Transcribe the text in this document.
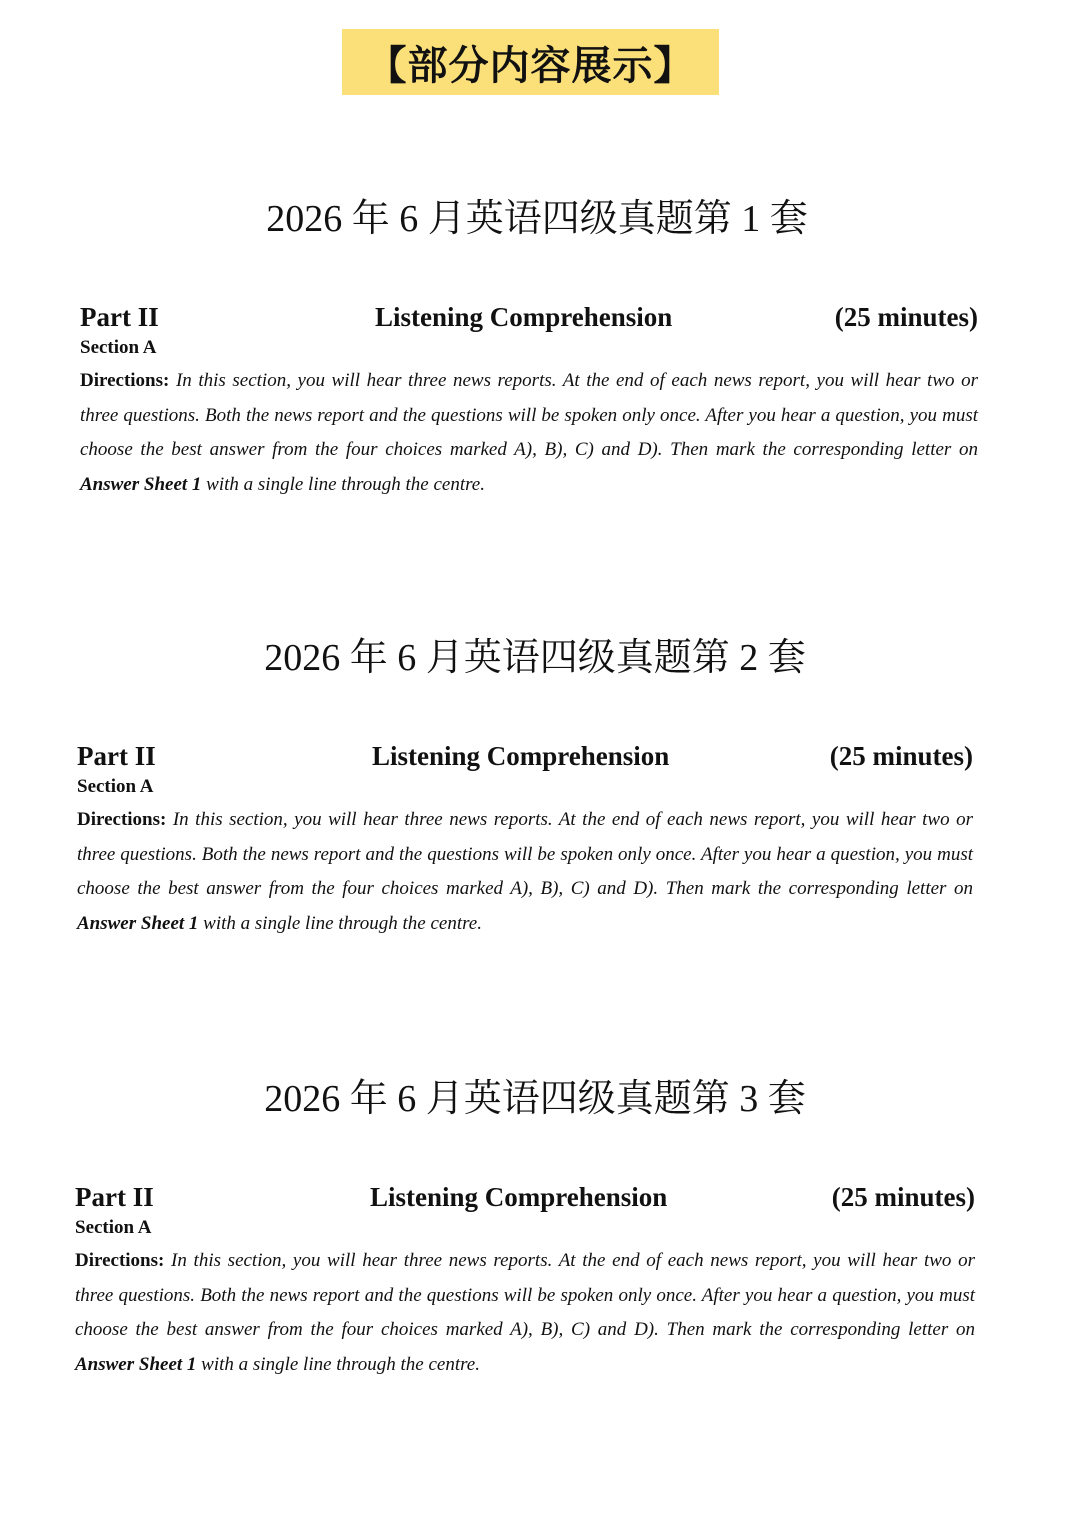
【部分内容展示】
2026 年 6 月英语四级真题第 1 套
Part II	Listening Comprehension	(25 minutes)
Section A
Directions: In this section, you will hear three news reports. At the end of each news report, you will hear two or three questions. Both the news report and the questions will be spoken only once. After you hear a question, you must choose the best answer from the four choices marked A), B), C) and D). Then mark the corresponding letter on Answer Sheet 1 with a single line through the centre.
2026 年 6 月英语四级真题第 2 套
Part II	Listening Comprehension	(25 minutes)
Section A
Directions: In this section, you will hear three news reports. At the end of each news report, you will hear two or three questions. Both the news report and the questions will be spoken only once. After you hear a question, you must choose the best answer from the four choices marked A), B), C) and D). Then mark the corresponding letter on Answer Sheet 1 with a single line through the centre.
2026 年 6 月英语四级真题第 3 套
Part II	Listening Comprehension	(25 minutes)
Section A
Directions: In this section, you will hear three news reports. At the end of each news report, you will hear two or three questions. Both the news report and the questions will be spoken only once. After you hear a question, you must choose the best answer from the four choices marked A), B), C) and D). Then mark the corresponding letter on Answer Sheet 1 with a single line through the centre.
